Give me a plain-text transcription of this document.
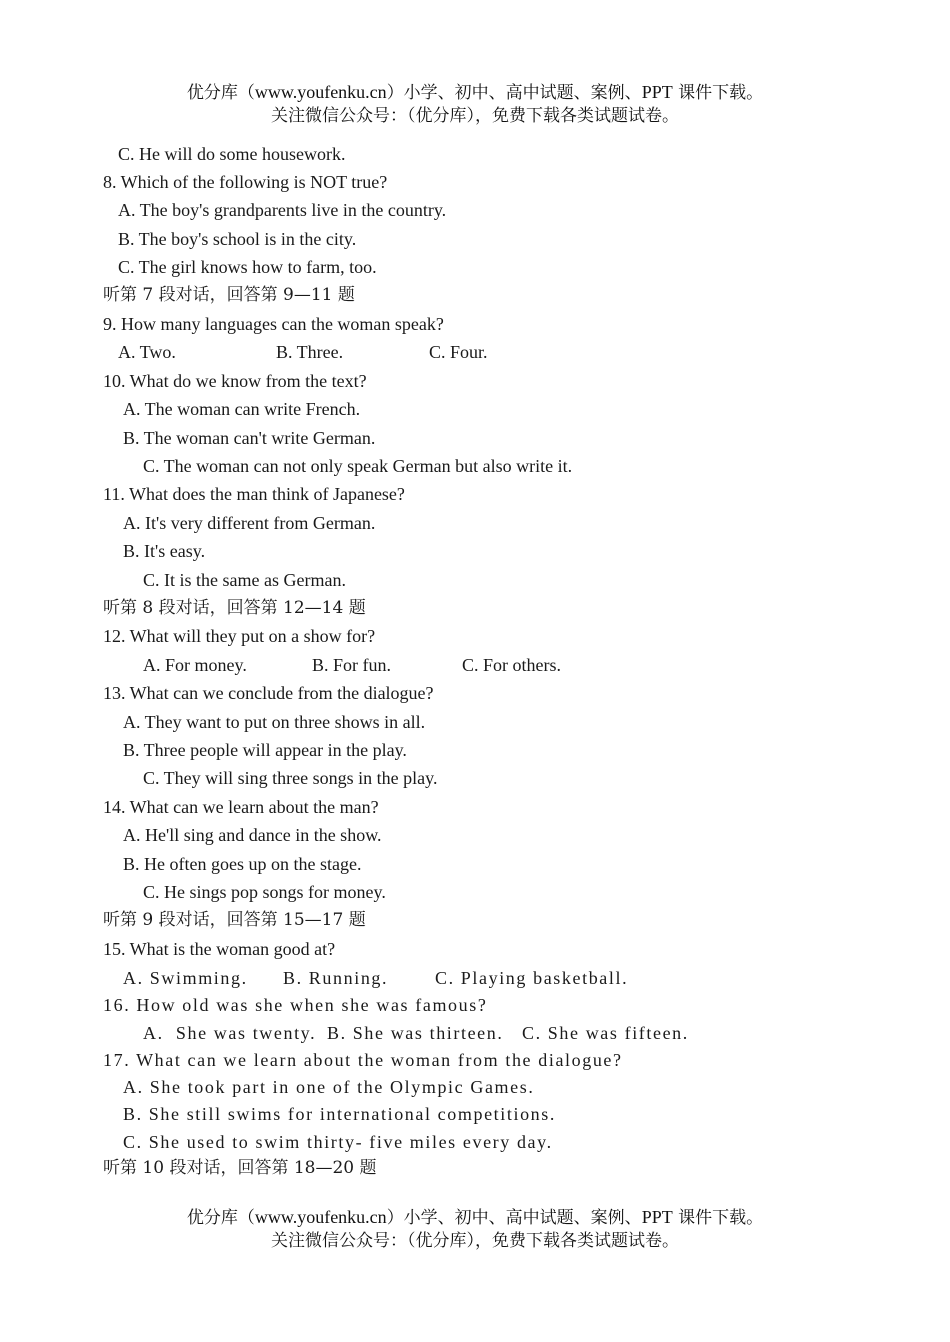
优分库（www.youfenku.cn）小学、初中、高中试题、案例、PPT 课件下载。
关注微信公众号：（优分库），免费下载各类试题试卷。
C. He will do some housework.
8. Which of the following is NOT true?
A. The boy's grandparents live in the country.
B. The boy's school is in the city.
C. The girl knows how to farm, too.
听第 7 段对话，回答第 9—11 题
9. How many languages can the woman speak?
A. Two.	B. Three.	C. Four.
10. What do we know from the text?
A. The woman can write French.
B. The woman can't write German.
C. The woman can not only speak German but also write it.
11. What does the man think of Japanese?
A. It's very different from German.
B. It's easy.
C. It is the same as German.
听第 8 段对话，回答第 12—14 题
12. What will they put on a show for?
A. For money.	B. For fun.	C. For others.
13. What can we conclude from the dialogue?
A. They want to put on three shows in all.
B. Three people will appear in the play.
C. They will sing three songs in the play.
14. What can we learn about the man?
A. He'll sing and dance in the show.
B. He often goes up on the stage.
C. He sings pop songs for money.
听第 9 段对话，回答第 15—17 题
15. What is the woman good at?
A. Swimming. B. Running.	C. Playing basketball.
16. How old was she when she was famous?
A.  She was twenty. B. She was thirteen. C. She was fifteen.
17. What can we learn about the woman from the dialogue?
A. She took part in one of the Olympic Games.
B. She still swims for international competitions.
C. She used to swim thirty- five miles every day.
听第 10 段对话，回答第 18—20 题
优分库（www.youfenku.cn）小学、初中、高中试题、案例、PPT 课件下载。
关注微信公众号：（优分库），免费下载各类试题试卷。
